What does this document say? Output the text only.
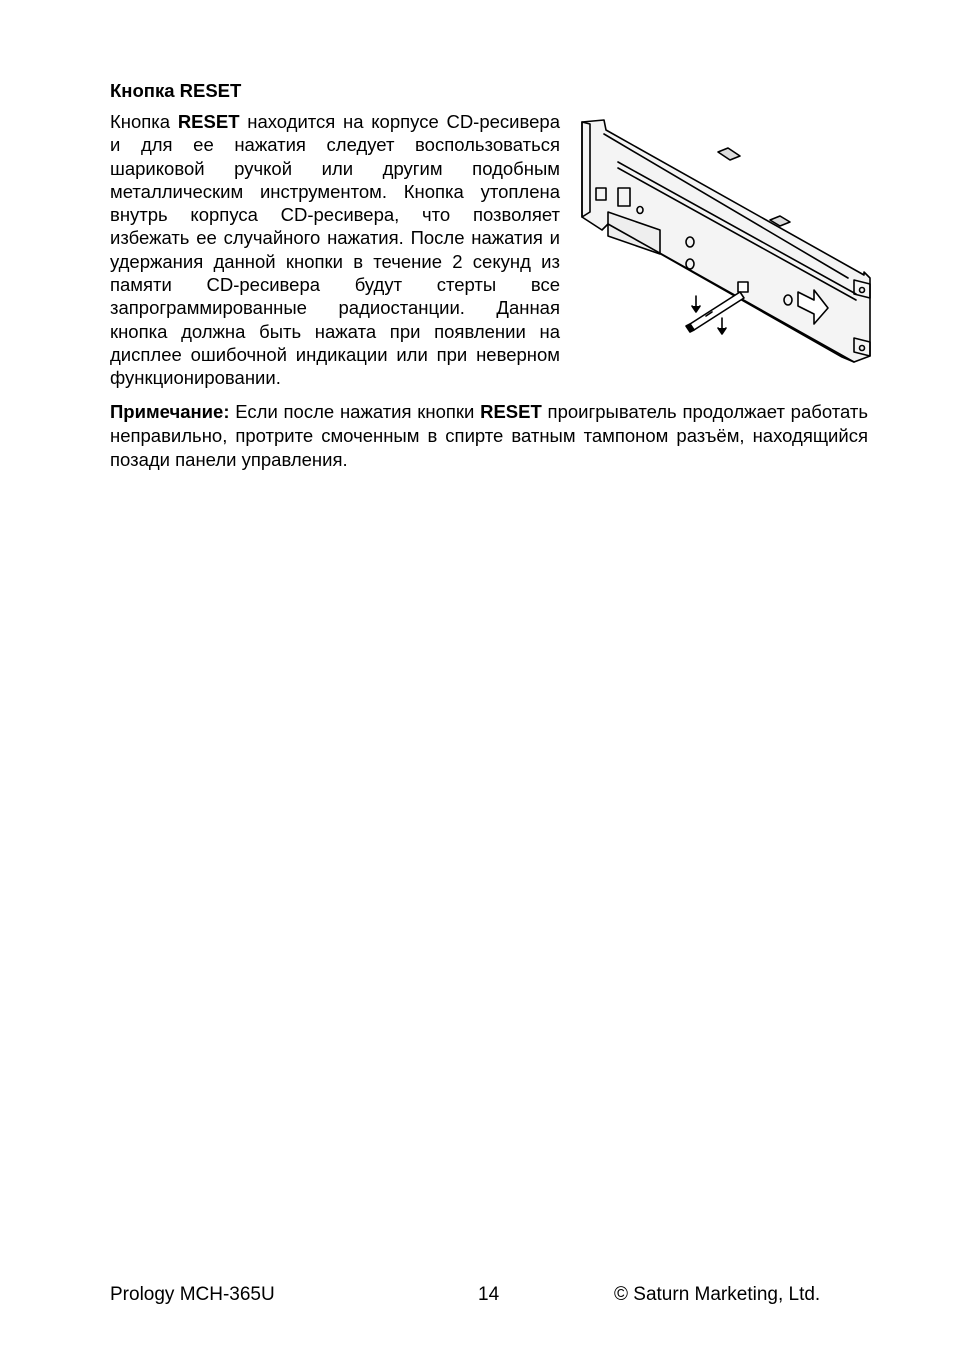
Кнопка RESET

Кнопка RESET находится на корпусе CD-ресивера и для ее нажатия следует воспользоваться шариковой ручкой или другим подобным металлическим инструментом. Кнопка утоплена внутрь корпуса CD-ресивера, что позволяет избежать ее случайного нажатия. После нажатия и удержания данной кнопки в течение 2 секунд из памяти CD-ресивера будут стерты все запрограммированные радиостанции. Данная кнопка должна быть нажата при появлении на дисплее ошибочной индикации или при неверном функционировании.

Примечание: Если после нажатия кнопки RESET проигрыватель продолжает работать неправильно, протрите смоченным в спирте ватным тампоном разъём, находящийся позади панели управления.

Prology MCH-365U	14	© Saturn Marketing, Ltd.
